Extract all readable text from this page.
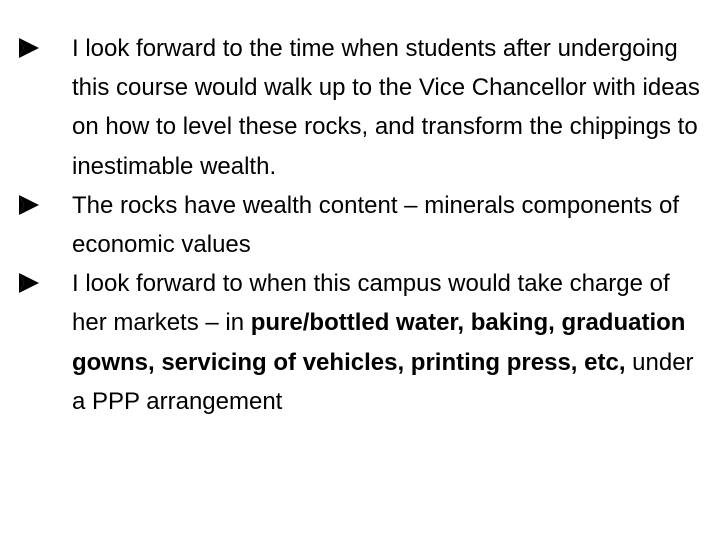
I look forward to the time when students after undergoing this course would walk up to the Vice Chancellor with ideas on how to level these rocks, and transform the chippings to inestimable wealth.
The rocks have wealth content – minerals components of economic values
I look forward to when this campus would take charge of her markets – in pure/bottled water, baking, graduation gowns, servicing of vehicles, printing press, etc, under a PPP arrangement
